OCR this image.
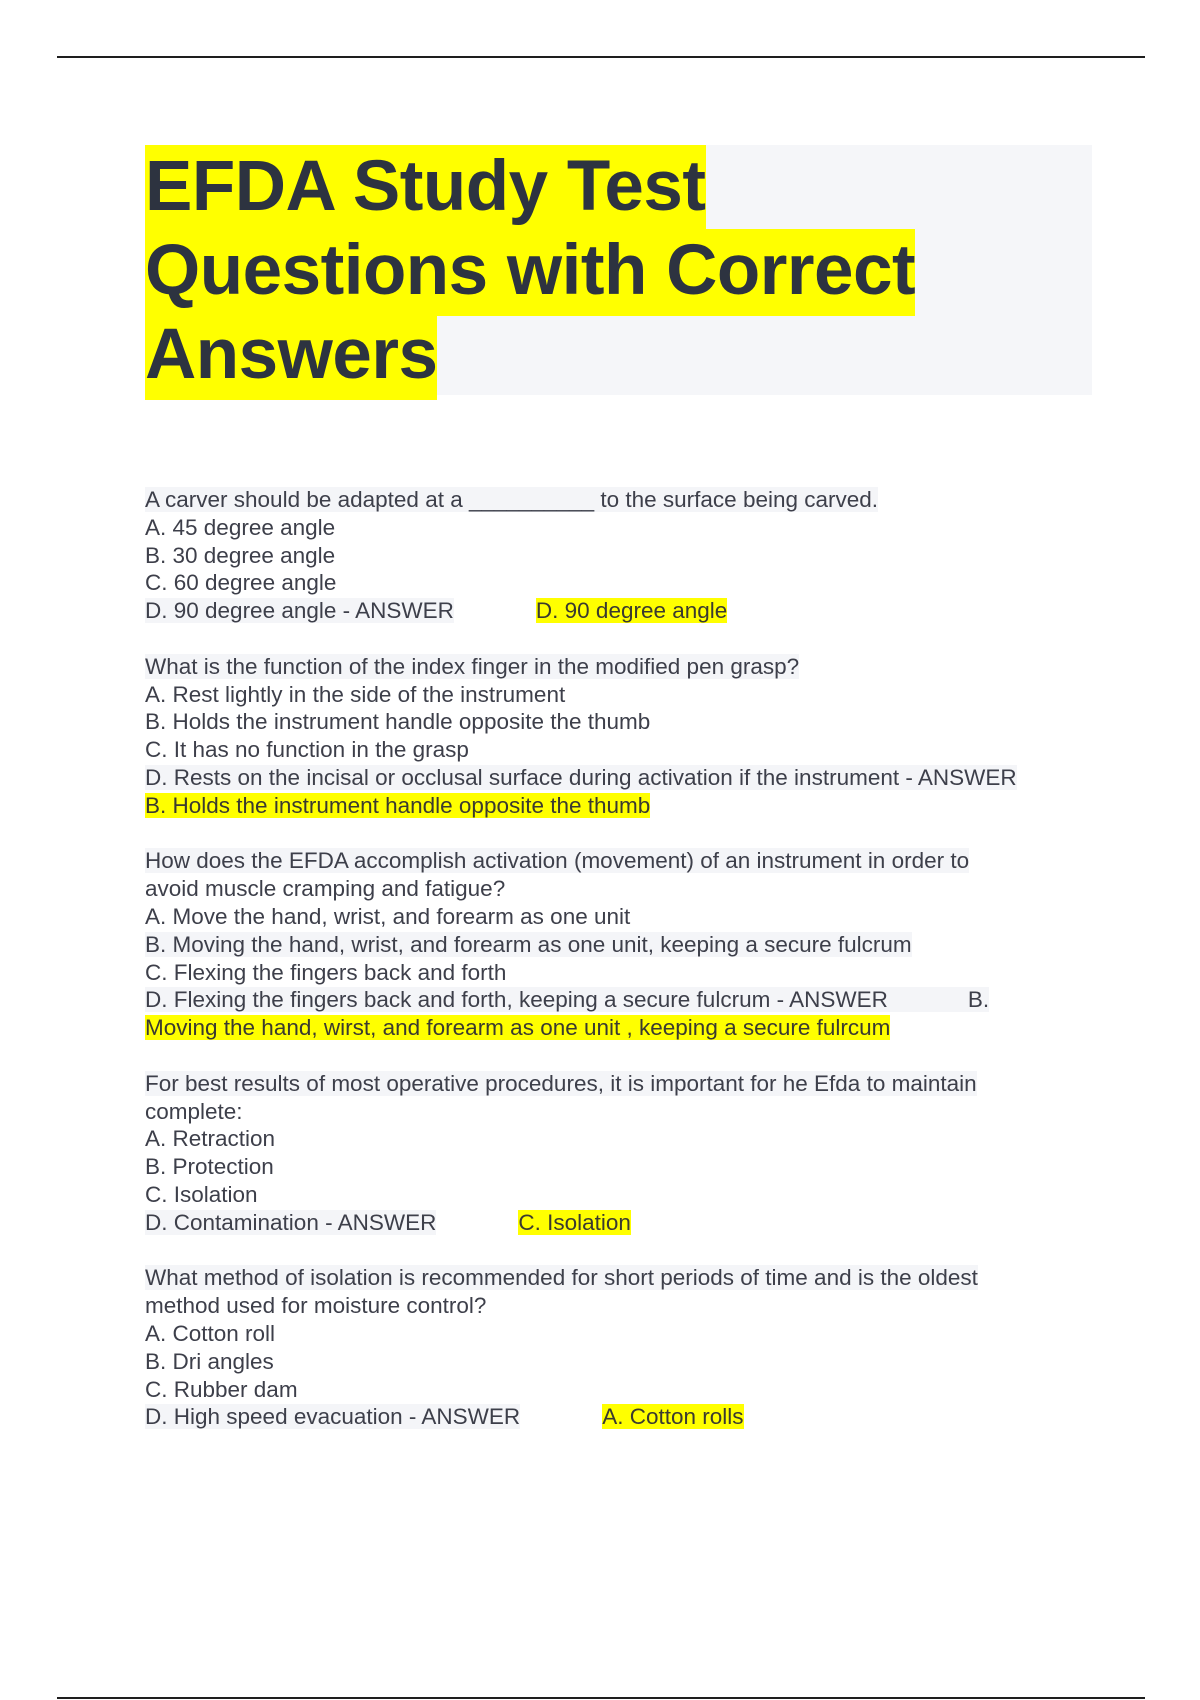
EFDA Study Test
Questions with Correct
Answers
A carver should be adapted at a __________ to the surface being carved.
A. 45 degree angle
B. 30 degree angle
C. 60 degree angle
D. 90 degree angle - ANSWER	D. 90 degree angle
What is the function of the index finger in the modified pen grasp?
A. Rest lightly in the side of the instrument
B. Holds the instrument handle opposite the thumb
C. It has no function in the grasp
D. Rests on the incisal or occlusal surface during activation if the instrument - ANSWER
B. Holds the instrument handle opposite the thumb
How does the EFDA accomplish activation (movement) of an instrument in order to
avoid muscle cramping and fatigue?
A. Move the hand, wrist, and forearm as one unit
B. Moving the hand, wrist, and forearm as one unit, keeping a secure fulcrum
C. Flexing the fingers back and forth
D. Flexing the fingers back and forth, keeping a secure fulcrum - ANSWER	B.
Moving the hand, wirst, and forearm as one unit , keeping a secure fulrcum
For best results of most operative procedures, it is important for he Efda to maintain
complete:
A. Retraction
B. Protection
C. Isolation
D. Contamination - ANSWER	C. Isolation
What method of isolation is recommended for short periods of time and is the oldest
method used for moisture control?
A. Cotton roll
B. Dri angles
C. Rubber dam
D. High speed evacuation - ANSWER	A. Cotton rolls
